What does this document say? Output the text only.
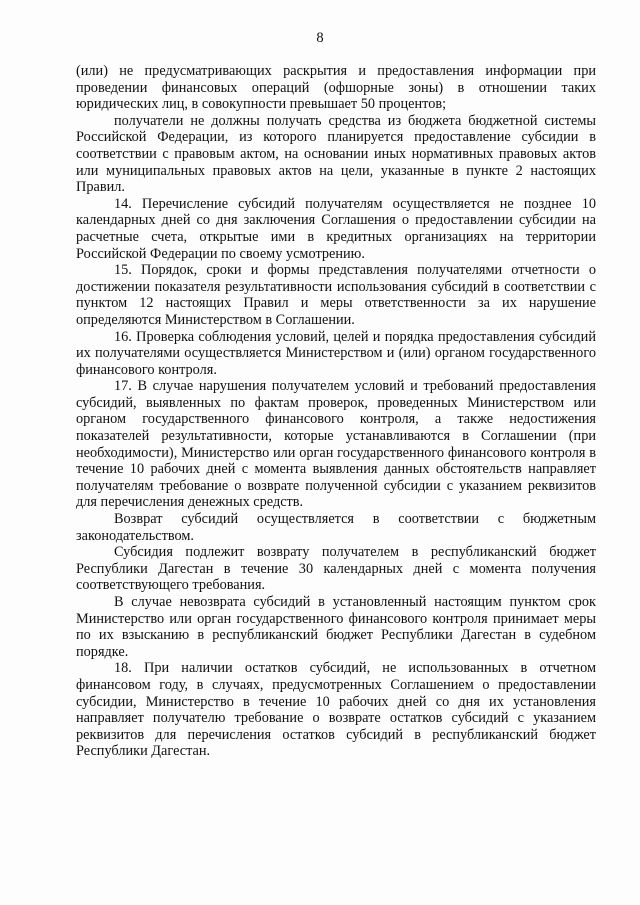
8

(или) не предусматривающих раскрытия и предоставления информации при проведении финансовых операций (офшорные зоны) в отношении таких юридических лиц, в совокупности превышает 50 процентов;

получатели не должны получать средства из бюджета бюджетной системы Российской Федерации, из которого планируется предоставление субсидии в соответствии с правовым актом, на основании иных нормативных правовых актов или муниципальных правовых актов на цели, указанные в пункте 2 настоящих Правил.

14. Перечисление субсидий получателям осуществляется не позднее 10 календарных дней со дня заключения Соглашения о предоставлении субсидии на расчетные счета, открытые ими в кредитных организациях на территории Российской Федерации по своему усмотрению.

15. Порядок, сроки и формы представления получателями отчетности о достижении показателя результативности использования субсидий в соответствии с пунктом 12 настоящих Правил и меры ответственности за их нарушение определяются Министерством в Соглашении.

16. Проверка соблюдения условий, целей и порядка предоставления субсидий их получателями осуществляется Министерством и (или) органом государственного финансового контроля.

17. В случае нарушения получателем условий и требований предоставления субсидий, выявленных по фактам проверок, проведенных Министерством или органом государственного финансового контроля, а также недостижения показателей результативности, которые устанавливаются в Соглашении (при необходимости), Министерство или орган государственного финансового контроля в течение 10 рабочих дней с момента выявления данных обстоятельств направляет получателям требование о возврате полученной субсидии с указанием реквизитов для перечисления денежных средств.

Возврат субсидий осуществляется в соответствии с бюджетным законодательством.

Субсидия подлежит возврату получателем в республиканский бюджет Республики Дагестан в течение 30 календарных дней с момента получения соответствующего требования.

В случае невозврата субсидий в установленный настоящим пунктом срок Министерство или орган государственного финансового контроля принимает меры по их взысканию в республиканский бюджет Республики Дагестан в судебном порядке.

18. При наличии остатков субсидий, не использованных в отчетном финансовом году, в случаях, предусмотренных Соглашением о предоставлении субсидии, Министерство в течение 10 рабочих дней со дня их установления направляет получателю требование о возврате остатков субсидий с указанием реквизитов для перечисления остатков субсидий в республиканский бюджет Республики Дагестан.
